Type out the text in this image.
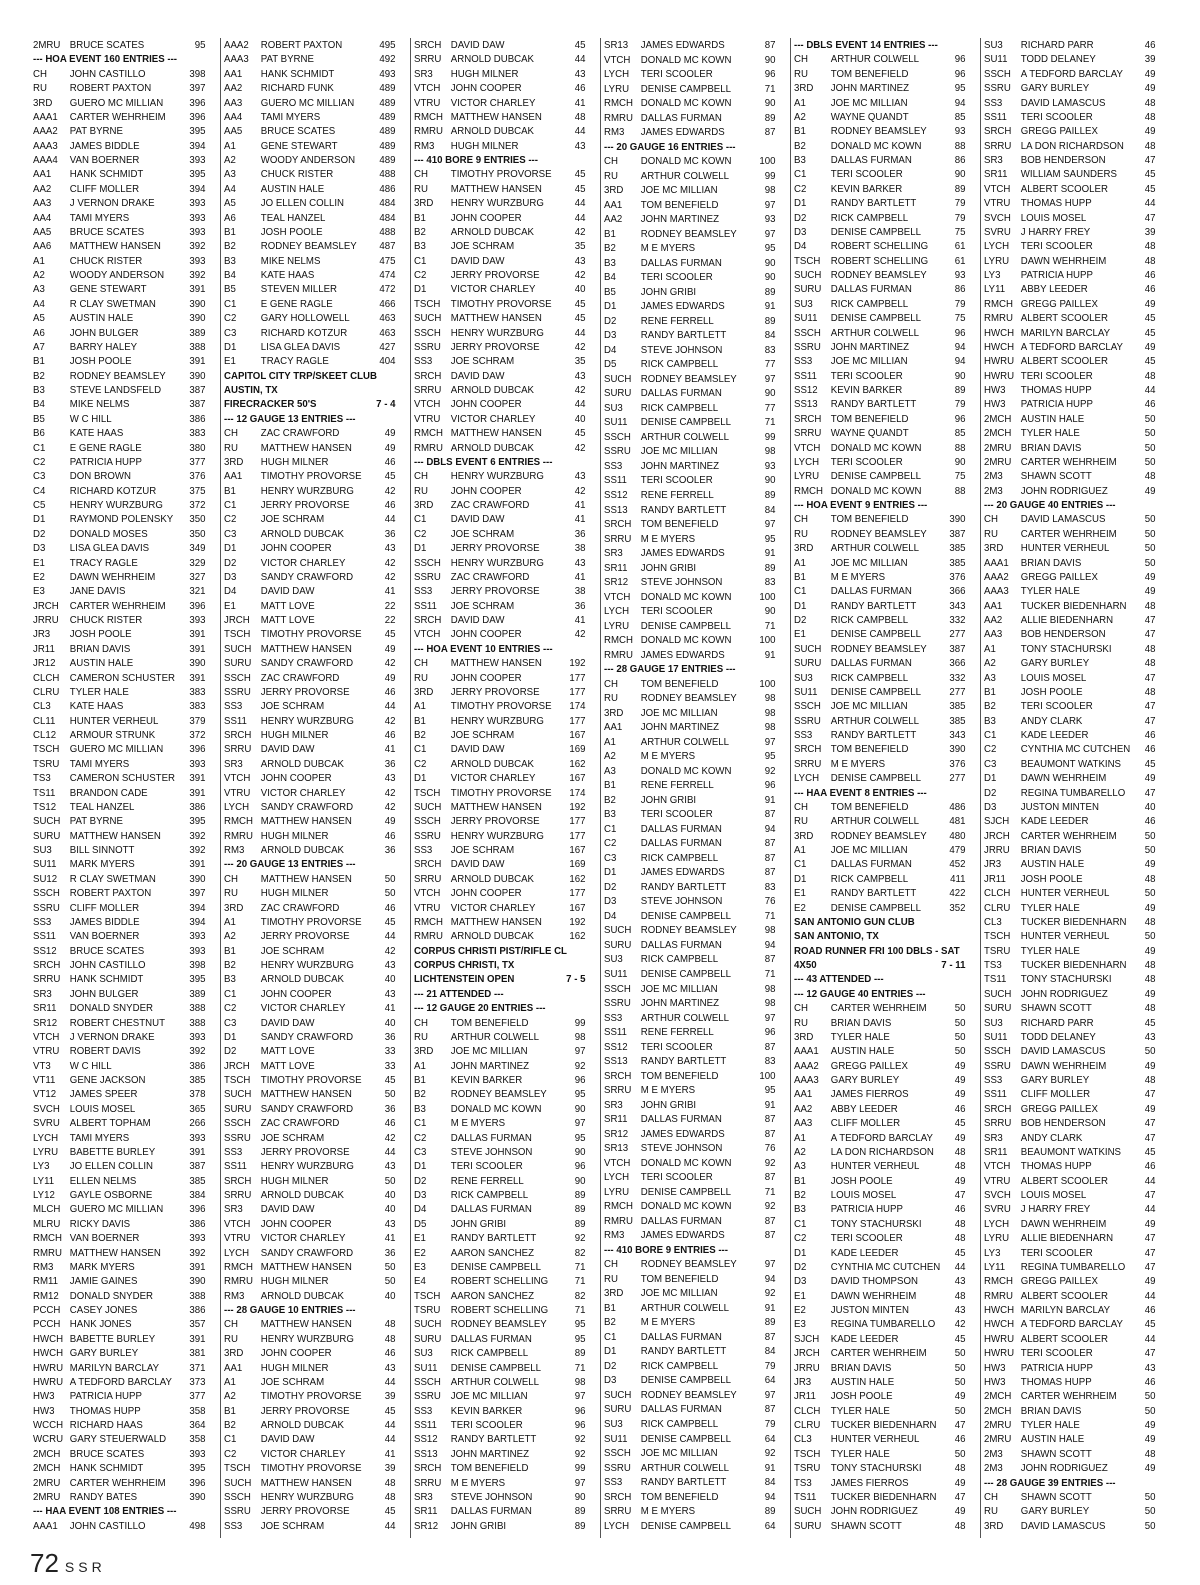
2MRU BRUCE SCATES	95
--- HOA EVENT 160 ENTRIES ---
CH	JOHN CASTILLO	398
RU	ROBERT PAXTON	397
3RD	GUERO MC MILLIAN	396
AAA1	CARTER WEHRHEIM	396
AAA2	PAT BYRNE	395
AAA3	JAMES BIDDLE	394
AAA4	VAN BOERNER	393
AA1	HANK SCHMIDT	395
AA2	CLIFF MOLLER	394
AA3	J VERNON DRAKE	393
AA4	TAMI MYERS	393
AA5	BRUCE SCATES	393
AA6	MATTHEW HANSEN	392
A1	CHUCK RISTER	393
A2	WOODY ANDERSON	392
A3	GENE STEWART	391
A4	R CLAY SWETMAN	390
A5	AUSTIN HALE	390
A6	JOHN BULGER	389
A7	BARRY HALEY	388
B1	JOSH POOLE	391
B2	RODNEY BEAMSLEY	390
B3	STEVE LANDSFELD	387
B4	MIKE NELMS	387
B5	W C HILL	386
B6	KATE HAAS	383
C1	E GENE RAGLE	380
C2	PATRICIA HUPP	377
C3	DON BROWN	376
C4	RICHARD KOTZUR	375
C5	HENRY WURZBURG	372
D1	RAYMOND POLENSKY	350
D2	DONALD MOSES	350
D3	LISA GLEA DAVIS	349
E1	TRACY RAGLE	329
E2	DAWN WEHRHEIM	327
E3	JANE DAVIS	321
JRCH	CARTER WEHRHEIM	396
JRRU	CHUCK RISTER	393
JR3	JOSH POOLE	391
JR11	BRIAN DAVIS	391
JR12	AUSTIN HALE	390
CLCH CAMERON SCHUSTER	391
CLRU TYLER HALE	383
CL3	KATE HAAS	383
CL11	HUNTER VERHEUL	379
CL12	ARMOUR STRUNK	372
TSCH GUERO MC MILLIAN	396
TSRU TAMI MYERS	393
TS3	CAMERON SCHUSTER	391
TS11	BRANDON CADE	391
TS12	TEAL HANZEL	386
SUCH PAT BYRNE	395
SURU MATTHEW HANSEN	392
SU3	BILL SINNOTT	392
SU11	MARK MYERS	391
SU12	R CLAY SWETMAN	390
SSCH ROBERT PAXTON	397
SSRU CLIFF MOLLER	394
SS3	JAMES BIDDLE	394
SS11	VAN BOERNER	393
SS12	BRUCE SCATES	393
SRCH JOHN CASTILLO	398
SRRU HANK SCHMIDT	395
SR3	JOHN BULGER	389
SR11	DONALD SNYDER	388
SR12	ROBERT CHESTNUT	388
VTCH J VERNON DRAKE	393
VTRU ROBERT DAVIS	392
VT3	W C HILL	386
VT11	GENE JACKSON	385
VT12	JAMES SPEER	378
SVCH LOUIS MOSEL	365
SVRU ALBERT TOPHAM	266
LYCH	TAMI MYERS	393
LYRU	BABETTE BURLEY	391
LY3	JO ELLEN COLLIN	387
LY11	ELLEN NELMS	385
LY12	GAYLE OSBORNE	384
MLCH GUERO MC MILLIAN	396
MLRU RICKY DAVIS	386
RMCH VAN BOERNER	393
RMRU MATTHEW HANSEN	392
RM3	MARK MYERS	391
RM11	JAMIE GAINES	390
RM12	DONALD SNYDER	388
PCCH CASEY JONES	386
PCCH HANK JONES	357
HWCH BABETTE BURLEY	391
HWCH GARY BURLEY	381
HWRU MARILYN BARCLAY	371
HWRU A TEDFORD BARCLAY	373
HW3	PATRICIA HUPP	377
HW3	THOMAS HUPP	358
WCCH RICHARD HAAS	364
WCRU GARY STEUERWALD	358
2MCH BRUCE SCATES	393
2MCH HANK SCHMIDT	395
2MRU CARTER WEHRHEIM	396
2MRU RANDY BATES	390
--- HAA EVENT 108 ENTRIES ---
AAA1	JOHN CASTILLO	498
AAA2	ROBERT PAXTON	495
AAA3	PAT BYRNE	492
AA1	HANK SCHMIDT	493
AA2	RICHARD FUNK	489
AA3	GUERO MC MILLIAN	489
AA4	TAMI MYERS	489
AA5	BRUCE SCATES	489
A1	GENE STEWART	489
A2	WOODY ANDERSON	489
A3	CHUCK RISTER	488
A4	AUSTIN HALE	486
A5	JO ELLEN COLLIN	484
A6	TEAL HANZEL	484
B1	JOSH POOLE	488
B2	RODNEY BEAMSLEY	487
B3	MIKE NELMS	475
B4	KATE HAAS	474
B5	STEVEN MILLER	472
C1	E GENE RAGLE	466
C2	GARY HOLLOWELL	463
C3	RICHARD KOTZUR	463
D1	LISA GLEA DAVIS	427
E1	TRACY RAGLE	404
CAPITOL CITY TRP/SKEET CLUB
AUSTIN, TX
FIRECRACKER 50'S	7 - 4
--- 12 GAUGE 13 ENTRIES ---
CH	ZAC CRAWFORD	49
RU	MATTHEW HANSEN	49
3RD	HUGH MILNER	46
AA1	TIMOTHY PROVORSE	45
B1	HENRY WURZBURG	42
C1	JERRY PROVORSE	46
C2	JOE SCHRAM	44
C3	ARNOLD DUBCAK	36
D1	JOHN COOPER	43
D2	VICTOR CHARLEY	42
D3	SANDY CRAWFORD	42
D4	DAVID DAW	41
E1	MATT LOVE	22
JRCH	MATT LOVE	22
TSCH TIMOTHY PROVORSE	45
SUCH MATTHEW HANSEN	49
SURU SANDY CRAWFORD	42
SSCH ZAC CRAWFORD	49
SSRU JERRY PROVORSE	46
SS3	JOE SCHRAM	44
SS11	HENRY WURZBURG	42
SRCH HUGH MILNER	46
SRRU DAVID DAW	41
SR3	ARNOLD DUBCAK	36
VTCH JOHN COOPER	43
VTRU VICTOR CHARLEY	42
LYCH	SANDY CRAWFORD	42
RMCH MATTHEW HANSEN	49
RMRU HUGH MILNER	46
RM3	ARNOLD DUBCAK	36
--- 20 GAUGE 13 ENTRIES ---
CH	MATTHEW HANSEN	50
RU	HUGH MILNER	50
3RD	ZAC CRAWFORD	46
A1	TIMOTHY PROVORSE	45
A2	JERRY PROVORSE	44
B1	JOE SCHRAM	42
B2	HENRY WURZBURG	43
B3	ARNOLD DUBCAK	40
C1	JOHN COOPER	43
C2	VICTOR CHARLEY	41
C3	DAVID DAW	40
D1	SANDY CRAWFORD	36
D2	MATT LOVE	33
JRCH	MATT LOVE	33
TSCH TIMOTHY PROVORSE	45
SUCH MATTHEW HANSEN	50
SURU SANDY CRAWFORD	36
SSCH ZAC CRAWFORD	46
SSRU JOE SCHRAM	42
SS3	JERRY PROVORSE	44
SS11	HENRY WURZBURG	43
SRCH HUGH MILNER	50
SRRU ARNOLD DUBCAK	40
SR3	DAVID DAW	40
VTCH JOHN COOPER	43
VTRU VICTOR CHARLEY	41
LYCH	SANDY CRAWFORD	36
RMCH MATTHEW HANSEN	50
RMRU HUGH MILNER	50
RM3	ARNOLD DUBCAK	40
--- 28 GAUGE 10 ENTRIES ---
CH	MATTHEW HANSEN	48
RU	HENRY WURZBURG	48
3RD	JOHN COOPER	46
AA1	HUGH MILNER	43
A1	JOE SCHRAM	44
A2	TIMOTHY PROVORSE	39
B1	JERRY PROVORSE	45
B2	ARNOLD DUBCAK	44
C1	DAVID DAW	44
C2	VICTOR CHARLEY	41
TSCH TIMOTHY PROVORSE	39
SUCH MATTHEW HANSEN	48
SSCH HENRY WURZBURG	48
SSRU JERRY PROVORSE	45
SS3	JOE SCHRAM	44
SRCH DAVID DAW	45
SRRU ARNOLD DUBCAK	44
SR3	HUGH MILNER	43
VTCH JOHN COOPER	46
VTRU VICTOR CHARLEY	41
RMCH MATTHEW HANSEN	48
RMRU ARNOLD DUBCAK	44
RM3	HUGH MILNER	43
--- 410 BORE 9 ENTRIES ---
CH	TIMOTHY PROVORSE	45
RU	MATTHEW HANSEN	45
3RD	HENRY WURZBURG	44
B1	JOHN COOPER	44
B2	ARNOLD DUBCAK	42
B3	JOE SCHRAM	35
C1	DAVID DAW	43
C2	JERRY PROVORSE	42
D1	VICTOR CHARLEY	40
TSCH TIMOTHY PROVORSE	45
SUCH MATTHEW HANSEN	45
SSCH HENRY WURZBURG	44
SSRU JERRY PROVORSE	42
SS3	JOE SCHRAM	35
SRCH DAVID DAW	43
SRRU ARNOLD DUBCAK	42
VTCH JOHN COOPER	44
VTRU VICTOR CHARLEY	40
RMCH MATTHEW HANSEN	45
RMRU ARNOLD DUBCAK	42
--- DBLS EVENT 6 ENTRIES ---
CH	HENRY WURZBURG	43
RU	JOHN COOPER	42
3RD	ZAC CRAWFORD	41
C1	DAVID DAW	41
C2	JOE SCHRAM	36
D1	JERRY PROVORSE	38
SSCH HENRY WURZBURG	43
SSRU ZAC CRAWFORD	41
SS3	JERRY PROVORSE	38
SS11	JOE SCHRAM	36
SRCH DAVID DAW	41
VTCH JOHN COOPER	42
--- HOA EVENT 10 ENTRIES ---
CH	MATTHEW HANSEN	192
RU	JOHN COOPER	177
3RD	JERRY PROVORSE	177
A1	TIMOTHY PROVORSE	174
B1	HENRY WURZBURG	177
B2	JOE SCHRAM	167
C1	DAVID DAW	169
C2	ARNOLD DUBCAK	162
D1	VICTOR CHARLEY	167
TSCH TIMOTHY PROVORSE	174
SUCH MATTHEW HANSEN	192
SSCH JERRY PROVORSE	177
SSRU HENRY WURZBURG	177
SS3	JOE SCHRAM	167
SRCH DAVID DAW	169
SRRU ARNOLD DUBCAK	162
VTCH JOHN COOPER	177
VTRU VICTOR CHARLEY	167
RMCH MATTHEW HANSEN	192
RMRU ARNOLD DUBCAK	162
CORPUS CHRISTI PIST/RIFLE CL
CORPUS CHRISTI, TX
LICHTENSTEIN OPEN	7 - 5
--- 21 ATTENDED ---
--- 12 GAUGE 20 ENTRIES ---
CH	TOM BENEFIELD	99
RU	ARTHUR COLWELL	98
3RD	JOE MC MILLIAN	97
A1	JOHN MARTINEZ	92
B1	KEVIN BARKER	96
B2	RODNEY BEAMSLEY	95
B3	DONALD MC KOWN	90
C1	M E MYERS	97
C2	DALLAS FURMAN	95
C3	STEVE JOHNSON	90
D1	TERI SCOOLER	96
D2	RENE FERRELL	90
D3	RICK CAMPBELL	89
D4	DALLAS FURMAN	89
D5	JOHN GRIBI	89
E1	RANDY BARTLETT	92
E2	AARON SANCHEZ	82
E3	DENISE CAMPBELL	71
E4	ROBERT SCHELLING	71
TSCH AARON SANCHEZ	82
TSRU ROBERT SCHELLING	71
SUCH RODNEY BEAMSLEY	95
SURU DALLAS FURMAN	95
SU3	RICK CAMPBELL	89
SU11	DENISE CAMPBELL	71
SSCH ARTHUR COLWELL	98
SSRU JOE MC MILLIAN	97
SS3	KEVIN BARKER	96
SS11	TERI SCOOLER	96
SS12	RANDY BARTLETT	92
SS13	JOHN MARTINEZ	92
SRCH TOM BENEFIELD	99
SRRU M E MYERS	97
SR3	STEVE JOHNSON	90
SR11	DALLAS FURMAN	89
SR12	JOHN GRIBI	89
SR13	JAMES EDWARDS	87
VTCH DONALD MC KOWN	90
LYCH	TERI SCOOLER	96
LYRU	DENISE CAMPBELL	71
RMCH DONALD MC KOWN	90
RMRU DALLAS FURMAN	89
RM3	JAMES EDWARDS	87
--- 20 GAUGE 16 ENTRIES ---
CH	DONALD MC KOWN	100
RU	ARTHUR COLWELL	99
3RD	JOE MC MILLIAN	98
AA1	TOM BENEFIELD	97
AA2	JOHN MARTINEZ	93
B1	RODNEY BEAMSLEY	97
B2	M E MYERS	95
B3	DALLAS FURMAN	90
B4	TERI SCOOLER	90
B5	JOHN GRIBI	89
D1	JAMES EDWARDS	91
D2	RENE FERRELL	89
D3	RANDY BARTLETT	84
D4	STEVE JOHNSON	83
D5	RICK CAMPBELL	77
SUCH RODNEY BEAMSLEY	97
SURU DALLAS FURMAN	90
SU3	RICK CAMPBELL	77
SU11	DENISE CAMPBELL	71
SSCH ARTHUR COLWELL	99
SSRU JOE MC MILLIAN	98
SS3	JOHN MARTINEZ	93
SS11	TERI SCOOLER	90
SS12	RENE FERRELL	89
SS13	RANDY BARTLETT	84
SRCH TOM BENEFIELD	97
SRRU M E MYERS	95
SR3	JAMES EDWARDS	91
SR11	JOHN GRIBI	89
SR12	STEVE JOHNSON	83
VTCH DONALD MC KOWN	100
LYCH	TERI SCOOLER	90
LYRU	DENISE CAMPBELL	71
RMCH DONALD MC KOWN	100
RMRU JAMES EDWARDS	91
--- 28 GAUGE 17 ENTRIES ---
CH	TOM BENEFIELD	100
RU	RODNEY BEAMSLEY	98
3RD	JOE MC MILLIAN	98
AA1	JOHN MARTINEZ	98
A1	ARTHUR COLWELL	97
A2	M E MYERS	95
A3	DONALD MC KOWN	92
B1	RENE FERRELL	96
B2	JOHN GRIBI	91
B3	TERI SCOOLER	87
C1	DALLAS FURMAN	94
C2	DALLAS FURMAN	87
C3	RICK CAMPBELL	87
D1	JAMES EDWARDS	87
D2	RANDY BARTLETT	83
D3	STEVE JOHNSON	76
D4	DENISE CAMPBELL	71
SUCH RODNEY BEAMSLEY	98
SURU DALLAS FURMAN	94
SU3	RICK CAMPBELL	87
SU11	DENISE CAMPBELL	71
SSCH JOE MC MILLIAN	98
SSRU JOHN MARTINEZ	98
SS3	ARTHUR COLWELL	97
SS11	RENE FERRELL	96
SS12	TERI SCOOLER	87
SS13	RANDY BARTLETT	83
SRCH TOM BENEFIELD	100
SRRU M E MYERS	95
SR3	JOHN GRIBI	91
SR11	DALLAS FURMAN	87
SR12	JAMES EDWARDS	87
SR13	STEVE JOHNSON	76
VTCH DONALD MC KOWN	92
LYCH	TERI SCOOLER	87
LYRU	DENISE CAMPBELL	71
RMCH DONALD MC KOWN	92
RMRU DALLAS FURMAN	87
RM3	JAMES EDWARDS	87
--- 410 BORE 9 ENTRIES ---
CH	RODNEY BEAMSLEY	97
RU	TOM BENEFIELD	94
3RD	JOE MC MILLIAN	92
B1	ARTHUR COLWELL	91
B2	M E MYERS	89
C1	DALLAS FURMAN	87
D1	RANDY BARTLETT	84
D2	RICK CAMPBELL	79
D3	DENISE CAMPBELL	64
SUCH RODNEY BEAMSLEY	97
SURU DALLAS FURMAN	87
SU3	RICK CAMPBELL	79
SU11	DENISE CAMPBELL	64
SSCH JOE MC MILLIAN	92
SSRU ARTHUR COLWELL	91
SS3	RANDY BARTLETT	84
SRCH TOM BENEFIELD	94
SRRU M E MYERS	89
LYCH	DENISE CAMPBELL	64
--- DBLS EVENT 14 ENTRIES ---
CH	ARTHUR COLWELL	96
RU	TOM BENEFIELD	96
3RD	JOHN MARTINEZ	95
A1	JOE MC MILLIAN	94
A2	WAYNE QUANDT	85
B1	RODNEY BEAMSLEY	93
B2	DONALD MC KOWN	88
B3	DALLAS FURMAN	86
C1	TERI SCOOLER	90
C2	KEVIN BARKER	89
D1	RANDY BARTLETT	79
D2	RICK CAMPBELL	79
D3	DENISE CAMPBELL	75
D4	ROBERT SCHELLING	61
TSCH ROBERT SCHELLING	61
SUCH RODNEY BEAMSLEY	93
SURU DALLAS FURMAN	86
SU3	RICK CAMPBELL	79
SU11	DENISE CAMPBELL	75
SSCH ARTHUR COLWELL	96
SSRU JOHN MARTINEZ	94
SS3	JOE MC MILLIAN	94
SS11	TERI SCOOLER	90
SS12	KEVIN BARKER	89
SS13	RANDY BARTLETT	79
SRCH TOM BENEFIELD	96
SRRU WAYNE QUANDT	85
VTCH DONALD MC KOWN	88
LYCH	TERI SCOOLER	90
LYRU	DENISE CAMPBELL	75
RMCH DONALD MC KOWN	88
--- HOA EVENT 9 ENTRIES ---
CH	TOM BENEFIELD	390
RU	RODNEY BEAMSLEY	387
3RD	ARTHUR COLWELL	385
A1	JOE MC MILLIAN	385
B1	M E MYERS	376
C1	DALLAS FURMAN	366
D1	RANDY BARTLETT	343
D2	RICK CAMPBELL	332
E1	DENISE CAMPBELL	277
SUCH RODNEY BEAMSLEY	387
SURU DALLAS FURMAN	366
SU3	RICK CAMPBELL	332
SU11	DENISE CAMPBELL	277
SSCH JOE MC MILLIAN	385
SSRU ARTHUR COLWELL	385
SS3	RANDY BARTLETT	343
SRCH TOM BENEFIELD	390
SRRU M E MYERS	376
LYCH	DENISE CAMPBELL	277
--- HAA EVENT 8 ENTRIES ---
CH	TOM BENEFIELD	486
RU	ARTHUR COLWELL	481
3RD	RODNEY BEAMSLEY	480
A1	JOE MC MILLIAN	479
C1	DALLAS FURMAN	452
D1	RICK CAMPBELL	411
E1	RANDY BARTLETT	422
E2	DENISE CAMPBELL	352
SAN ANTONIO GUN CLUB
SAN ANTONIO, TX
ROAD RUNNER FRI 100 DBLS - SAT
4X50	7 - 11
--- 43 ATTENDED ---
--- 12 GAUGE 40 ENTRIES ---
CH	CARTER WEHRHEIM	50
RU	BRIAN DAVIS	50
3RD	TYLER HALE	50
AAA1	AUSTIN HALE	50
AAA2	GREGG PAILLEX	49
AAA3	GARY BURLEY	49
AA1	JAMES FIERROS	49
AA2	ABBY LEEDER	46
AA3	CLIFF MOLLER	45
A1	A TEDFORD BARCLAY	49
A2	LA DON RICHARDSON	48
A3	HUNTER VERHEUL	48
B1	JOSH POOLE	49
B2	LOUIS MOSEL	47
B3	PATRICIA HUPP	46
C1	TONY STACHURSKI	48
C2	TERI SCOOLER	48
D1	KADE LEEDER	45
D2	CYNTHIA MC CUTCHEN	44
D3	DAVID THOMPSON	43
E1	DAWN WEHRHEIM	48
E2	JUSTON MINTEN	43
E3	REGINA TUMBARELLO	42
SJCH	KADE LEEDER	45
JRCH	CARTER WEHRHEIM	50
JRRU	BRIAN DAVIS	50
JR3	AUSTIN HALE	50
JR11	JOSH POOLE	49
CLCH TYLER HALE	50
CLRU TUCKER BIEDENHARN	47
CL3	HUNTER VERHEUL	46
TSCH TYLER HALE	50
TSRU TONY STACHURSKI	48
TS3	JAMES FIERROS	49
TS11	TUCKER BIEDENHARN	47
SUCH JOHN RODRIGUEZ	49
SURU SHAWN SCOTT	48
SU3	RICHARD PARR	46
SU11	TODD DELANEY	39
SSCH A TEDFORD BARCLAY	49
SSRU GARY BURLEY	49
SS3	DAVID LAMASCUS	48
SS11	TERI SCOOLER	48
SRCH GREGG PAILLEX	49
SRRU LA DON RICHARDSON	48
SR3	BOB HENDERSON	47
SR11	WILLIAM SAUNDERS	45
VTCH ALBERT SCOOLER	45
VTRU THOMAS HUPP	44
SVCH LOUIS MOSEL	47
SVRU J HARRY FREY	39
LYCH	TERI SCOOLER	48
LYRU	DAWN WEHRHEIM	48
LY3	PATRICIA HUPP	46
LY11	ABBY LEEDER	46
RMCH GREGG PAILLEX	49
RMRU ALBERT SCOOLER	45
HWCH MARILYN BARCLAY	45
HWCH A TEDFORD BARCLAY	49
HWRU ALBERT SCOOLER	45
HWRU TERI SCOOLER	48
HW3	THOMAS HUPP	44
HW3	PATRICIA HUPP	46
2MCH AUSTIN HALE	50
2MCH TYLER HALE	50
2MRU BRIAN DAVIS	50
2MRU CARTER WEHRHEIM	50
2M3	SHAWN SCOTT	48
2M3	JOHN RODRIGUEZ	49
--- 20 GAUGE 40 ENTRIES ---
CH	DAVID LAMASCUS	50
RU	CARTER WEHRHEIM	50
3RD	HUNTER VERHEUL	50
AAA1	BRIAN DAVIS	50
AAA2	GREGG PAILLEX	49
AAA3	TYLER HALE	49
AA1	TUCKER BIEDENHARN	48
AA2	ALLIE BIEDENHARN	47
AA3	BOB HENDERSON	47
A1	TONY STACHURSKI	48
A2	GARY BURLEY	48
A3	LOUIS MOSEL	47
B1	JOSH POOLE	48
B2	TERI SCOOLER	47
B3	ANDY CLARK	47
C1	KADE LEEDER	46
C2	CYNTHIA MC CUTCHEN	46
C3	BEAUMONT WATKINS	45
D1	DAWN WEHRHEIM	49
D2	REGINA TUMBARELLO	47
D3	JUSTON MINTEN	40
SJCH	KADE LEEDER	46
JRCH	CARTER WEHRHEIM	50
JRRU	BRIAN DAVIS	50
JR3	AUSTIN HALE	49
JR11	JOSH POOLE	48
CLCH HUNTER VERHEUL	50
CLRU TYLER HALE	49
CL3	TUCKER BIEDENHARN	48
TSCH HUNTER VERHEUL	50
TSRU TYLER HALE	49
TS3	TUCKER BIEDENHARN	48
TS11	TONY STACHURSKI	48
SUCH JOHN RODRIGUEZ	49
SURU SHAWN SCOTT	48
SU3	RICHARD PARR	45
SU11	TODD DELANEY	43
SSCH DAVID LAMASCUS	50
SSRU DAWN WEHRHEIM	49
SS3	GARY BURLEY	48
SS11	CLIFF MOLLER	47
SRCH GREGG PAILLEX	49
SRRU BOB HENDERSON	47
SR3	ANDY CLARK	47
SR11	BEAUMONT WATKINS	45
VTCH THOMAS HUPP	46
VTRU ALBERT SCOOLER	44
SVCH LOUIS MOSEL	47
SVRU J HARRY FREY	44
LYCH	DAWN WEHRHEIM	49
LYRU	ALLIE BIEDENHARN	47
LY3	TERI SCOOLER	47
LY11	REGINA TUMBARELLO	47
RMCH GREGG PAILLEX	49
RMRU ALBERT SCOOLER	44
HWCH MARILYN BARCLAY	46
HWCH A TEDFORD BARCLAY	45
HWRU ALBERT SCOOLER	44
HWRU TERI SCOOLER	47
HW3	PATRICIA HUPP	43
HW3	THOMAS HUPP	46
2MCH CARTER WEHRHEIM	50
2MCH BRIAN DAVIS	50
2MRU TYLER HALE	49
2MRU AUSTIN HALE	49
2M3	SHAWN SCOTT	48
2M3	JOHN RODRIGUEZ	49
--- 28 GAUGE 39 ENTRIES ---
CH	SHAWN SCOTT	50
RU	GARY BURLEY	50
3RD	DAVID LAMASCUS	50
72 SSR
